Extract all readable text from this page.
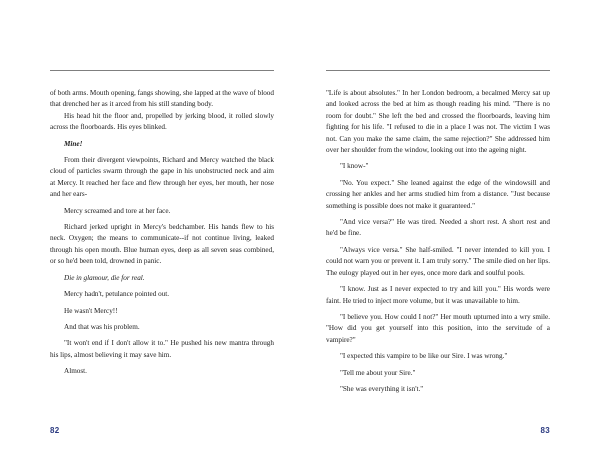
of both arms. Mouth opening, fangs showing, she lapped at the wave of blood that drenched her as it arced from his still standing body.

His head hit the floor and, propelled by jerking blood, it rolled slowly across the floorboards. His eyes blinked.

Mine!

From their divergent viewpoints, Richard and Mercy watched the black cloud of particles swarm through the gape in his unobstructed neck and aim at Mercy. It reached her face and flew through her eyes, her mouth, her nose and her ears-

Mercy screamed and tore at her face.

Richard jerked upright in Mercy's bedchamber. His hands flew to his neck. Oxygen; the means to communicate--if not continue living, leaked through his open mouth. Blue human eyes, deep as all seven seas combined, or so he'd been told, drowned in panic.

Die in glamour, die for real.

Mercy hadn't, petulance pointed out.

He wasn't Mercy!!

And that was his problem.

"It won't end if I don't allow it to." He pushed his new mantra through his lips, almost believing it may save him.

Almost.

82

"Life is about absolutes." In her London bedroom, a becalmed Mercy sat up and looked across the bed at him as though reading his mind. "There is no room for doubt." She left the bed and crossed the floorboards, leaving him fighting for his life. "I refused to die in a place I was not. The victim I was not. Can you make the same claim, the same rejection?" She addressed him over her shoulder from the window, looking out into the ageing night.

"I know-"

"No. You expect." She leaned against the edge of the windowsill and crossing her ankles and her arms studied him from a distance. "Just because something is possible does not make it guaranteed."

"And vice versa?" He was tired. Needed a short rest. A short rest and he'd be fine.

"Always vice versa." She half-smiled. "I never intended to kill you. I could not warn you or prevent it. I am truly sorry." The smile died on her lips. The eulogy played out in her eyes, once more dark and soulful pools.

"I know. Just as I never expected to try and kill you." His words were faint. He tried to inject more volume, but it was unavailable to him.

"I believe you. How could I not?" Her mouth upturned into a wry smile. "How did you get yourself into this position, into the servitude of a vampire?"

"I expected this vampire to be like our Sire. I was wrong."

"Tell me about your Sire."

"She was everything it isn't."

83
